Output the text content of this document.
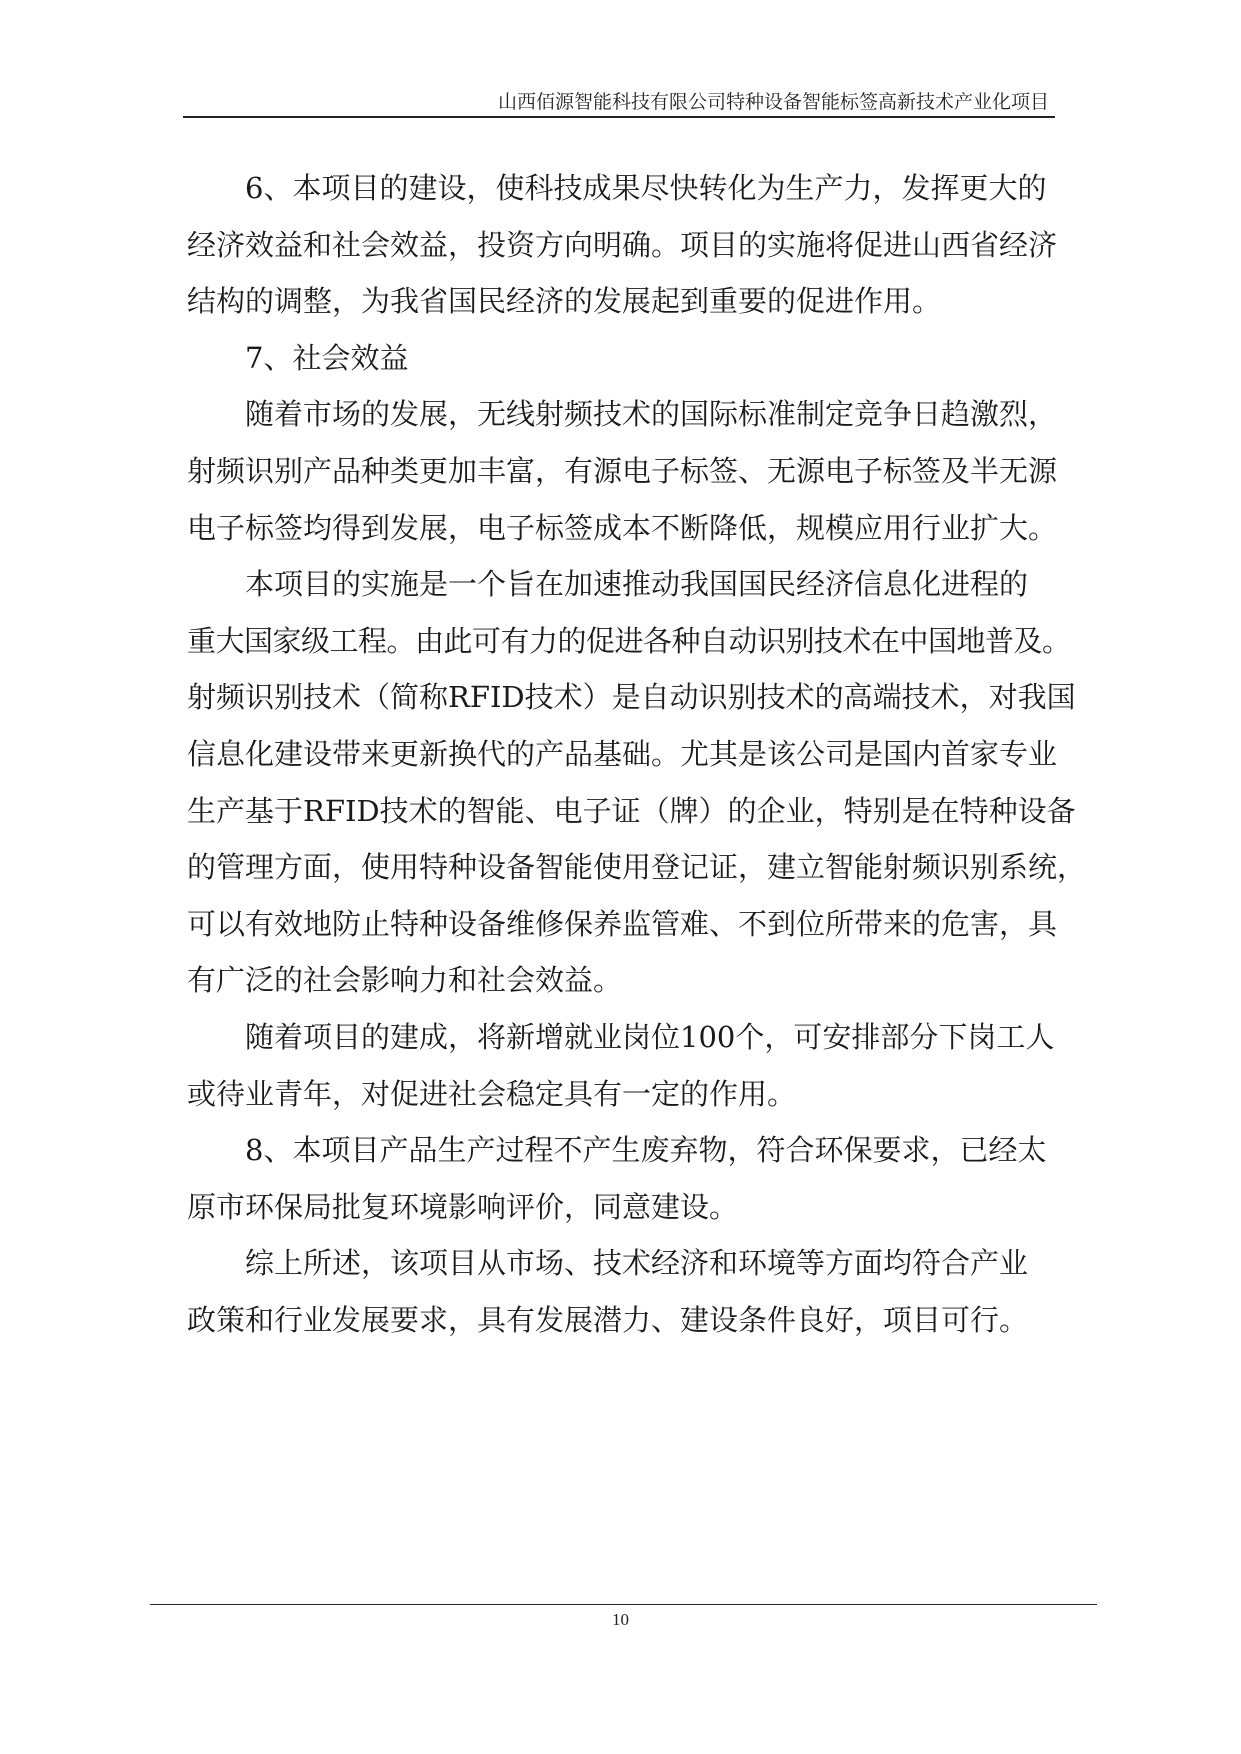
山西佰源智能科技有限公司特种设备智能标签高新技术产业化项目
6、本项目的建设，使科技成果尽快转化为生产力，发挥更大的
经济效益和社会效益，投资方向明确。项目的实施将促进山西省经济
结构的调整，为我省国民经济的发展起到重要的促进作用。
7、社会效益
随着市场的发展，无线射频技术的国际标准制定竞争日趋激烈，
射频识别产品种类更加丰富，有源电子标签、无源电子标签及半无源
电子标签均得到发展，电子标签成本不断降低，规模应用行业扩大。
本项目的实施是一个旨在加速推动我国国民经济信息化进程的
重大国家级工程。由此可有力的促进各种自动识别技术在中国地普及。
射频识别技术（简称RFID技术）是自动识别技术的高端技术，对我国
信息化建设带来更新换代的产品基础。尤其是该公司是国内首家专业
生产基于RFID技术的智能、电子证（牌）的企业，特别是在特种设备
的管理方面，使用特种设备智能使用登记证，建立智能射频识别系统，
可以有效地防止特种设备维修保养监管难、不到位所带来的危害，具
有广泛的社会影响力和社会效益。
随着项目的建成，将新增就业岗位100个，可安排部分下岗工人
或待业青年，对促进社会稳定具有一定的作用。
8、本项目产品生产过程不产生废弃物，符合环保要求，已经太
原市环保局批复环境影响评价，同意建设。
综上所述，该项目从市场、技术经济和环境等方面均符合产业
政策和行业发展要求，具有发展潜力、建设条件良好，项目可行。
10
